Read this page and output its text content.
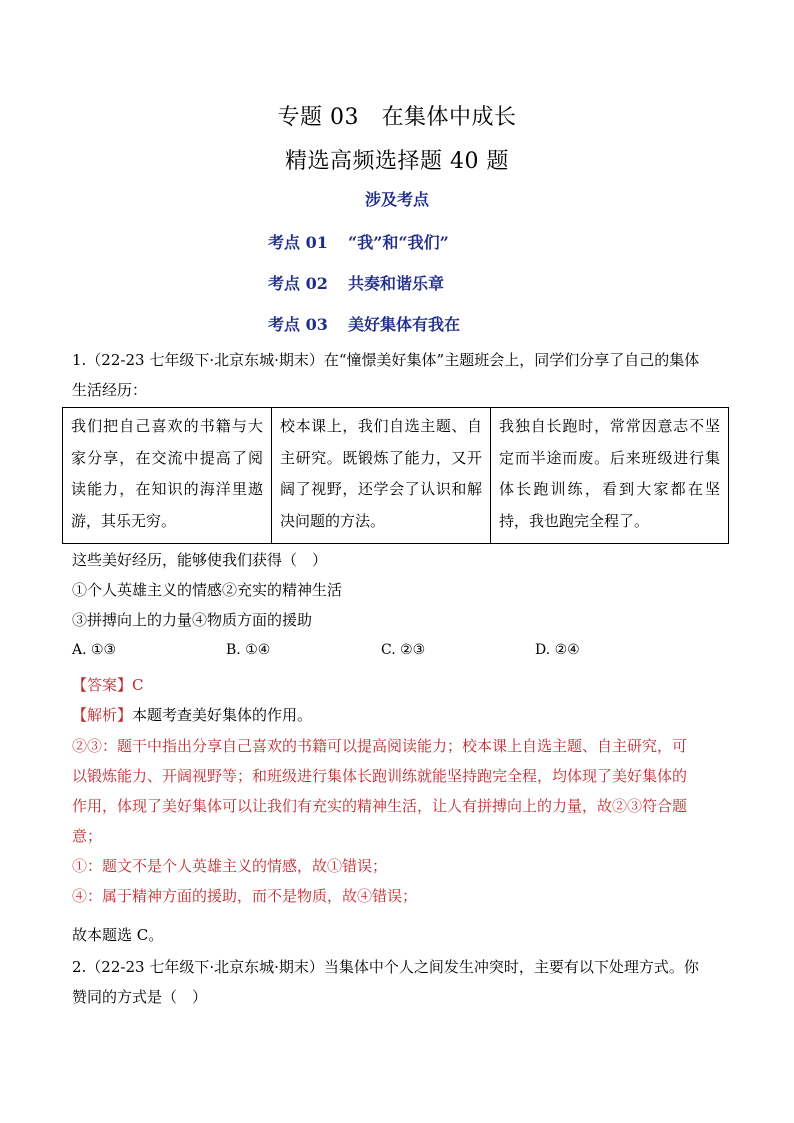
专题 03　在集体中成长
精选高频选择题 40 题
涉及考点
考点 01 “我”和“我们”
考点 02 共奏和谐乐章
考点 03 美好集体有我在
1.（22-23 七年级下·北京东城·期末）在“憧憬美好集体”主题班会上，同学们分享了自己的集体
生活经历：
我们把自己喜欢的书籍与大家分享，在交流中提高了阅读能力，在知识的海洋里遨游，其乐无穷。	校本课上，我们自选主题、自主研究。既锻炼了能力，又开阔了视野，还学会了认识和解决问题的方法。	我独自长跑时，常常因意志不坚定而半途而废。后来班级进行集体长跑训练，看到大家都在坚持，我也跑完全程了。
这些美好经历，能够使我们获得（　）
①个人英雄主义的情感②充实的精神生活
③拼搏向上的力量④物质方面的援助
A. ①③	B. ①④	C. ②③	D. ②④
【答案】C
【解析】本题考查美好集体的作用。
②③：题干中指出分享自己喜欢的书籍可以提高阅读能力；校本课上自选主题、自主研究，可
以锻炼能力、开阔视野等；和班级进行集体长跑训练就能坚持跑完全程，均体现了美好集体的
作用，体现了美好集体可以让我们有充实的精神生活，让人有拼搏向上的力量，故②③符合题
意；
①：题文不是个人英雄主义的情感，故①错误；
④：属于精神方面的援助，而不是物质，故④错误；
故本题选 C。
2.（22-23 七年级下·北京东城·期末）当集体中个人之间发生冲突时，主要有以下处理方式。你
赞同的方式是（　）
